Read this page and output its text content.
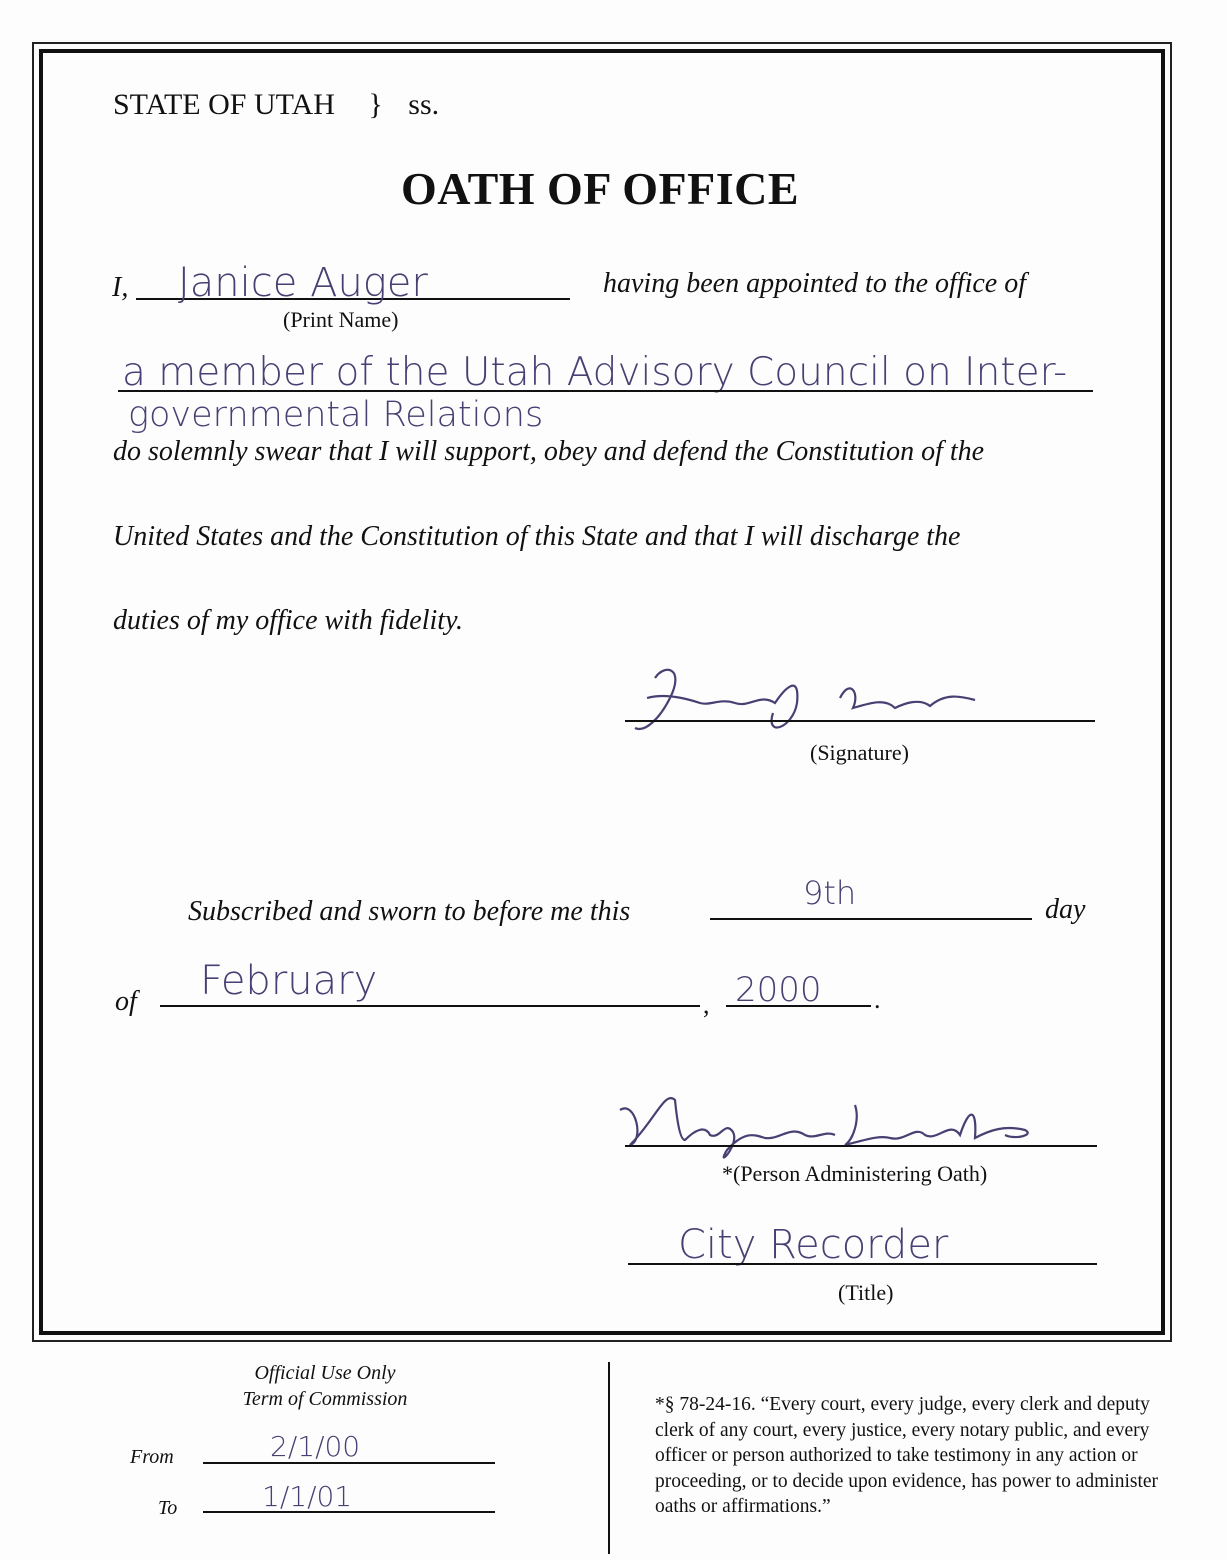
STATE OF UTAH } ss.
OATH OF OFFICE
I, Janice Auger
(Print Name)
having been appointed to the office of
a member of the Utah Advisory Council on Inter-
governmental Relations
do solemnly swear that I will support, obey and defend the Constitution of the
United States and the Constitution of this State and that I will discharge the
duties of my office with fidelity.
(Signature)
Subscribed and sworn to before me this	9th	day
of February
, 2000 .
*(Person Administering Oath)
City Recorder
(Title)
Official Use Only
Term of Commission
From	2/1/00
To	1/1/01
*§ 78-24-16. “Every court, every judge, every clerk and deputy clerk of any court, every justice, every notary public, and every officer or person authorized to take testimony in any action or proceeding, or to decide upon evidence, has power to administer oaths or affirmations.”
